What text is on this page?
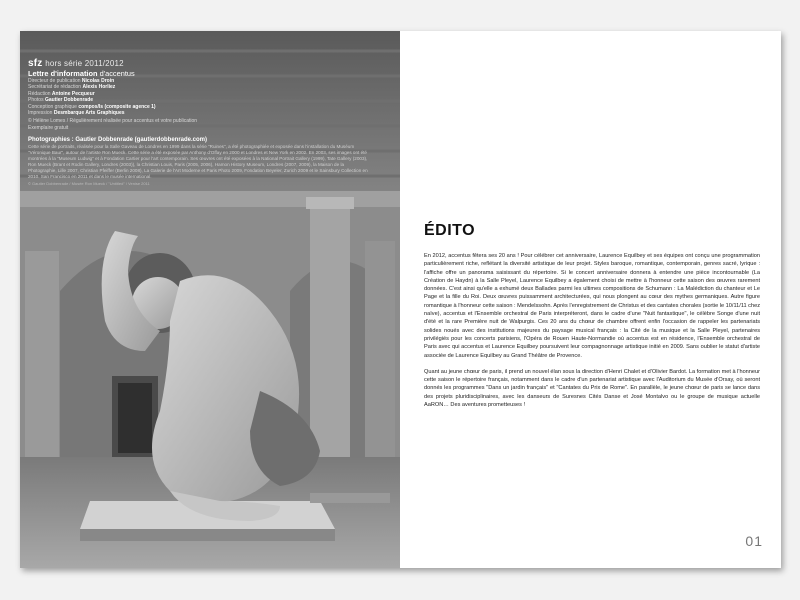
sfz hors série 2011/2012
Lettre d'information d'accentus
Directeur de publication Nicolas Droin
Secrétariat de rédaction Alexis Horliez
Rédaction Antoine Pecqueur
Photos Gautier Dobbenrade
Conception graphique compos/ls (composite agence 1)
Impression Desmbarque Arts Graphiques
© Hélène Lomes / Régulièrement réalisée pour accentus et votre publication
Exemplaire gratuit
Photographies : Gautier Dobbenrade (gautierdobbenrade.com)
Cette série de portraits, réalisée pour la Salle Gaveau de Londres en 1999 dans la série "Ruines", a été photographiée et exposée dans l'installation du Muséum "Véronique Baur", autour de l'artiste Ron Mueck. Cette série a été exposée par Anthony d'Offay en 2000 et Londres et New York en 2002. En 2003, ses images ont été montrées à la "Museum Ludwig" et à Fondation Cartier pour l'art contemporain. Ses œuvres ont été exposées à la National Portrait Gallery (1999), Tate Gallery (2003), Ron Mueck (Brant et Rodin Gallery, Londres (2003)), la Christian Louis, Paris (2005, 2006), Hamon History Museum, Londres (2007, 2009), la Maison de la Photographie, Lille 2007, Christian Pfeiffer (Berlin 2008), La Galerie de l'Art Moderne et Paris Photo 2009, Fondation Beyeler, Zurich 2009 et le Sainsbury Collection en 2010. San Francisco en 2011 et dans le musée international.
© Gautier Dobbenrade / Musée Ron Mueck / "Untitled" / Venise 2011
ÉDITO

En 2012, accentus fêtera ses 20 ans ! Pour célébrer cet anniversaire, Laurence Equilbey et ses équipes ont conçu une programmation particulièrement riche, reflétant la diversité artistique de leur projet. Styles baroque, romantique, contemporain, genres sacré, lyrique : l'affiche offre un panorama saisissant du répertoire. Si le concert anniversaire donnera à entendre une pièce incontournable (La Création de Haydn) à la Salle Pleyel, Laurence Equilbey a également choisi de mettre à l'honneur cette saison des œuvres rarement données. C'est ainsi qu'elle a exhumé deux Ballades parmi les ultimes compositions de Schumann : La Malédiction du chanteur et Le Page et la fille du Roi. Deux œuvres puissamment architecturées, qui nous plongent au cœur des mythes germaniques. Autre figure romantique à l'honneur cette saison : Mendelssohn. Après l'enregistrement de Christus et des cantates chorales (sortie le 10/11/11 chez naïve), accentus et l'Ensemble orchestral de Paris interpréteront, dans le cadre d'une "Nuit fantastique", le célèbre Songe d'une nuit d'été et la rare Première nuit de Walpurgis. Ces 20 ans du chœur de chambre offrent enfin l'occasion de rappeler les partenariats solides noués avec des institutions majeures du paysage musical français : la Cité de la musique et la Salle Pleyel, partenaires privilégiés pour les concerts parisiens, l'Opéra de Rouen Haute-Normandie où accentus est en résidence, l'Ensemble orchestral de Paris avec qui accentus et Laurence Equilbey poursuivent leur compagnonnage artistique initié en 2009. Sans oublier le statut d'artiste associée de Laurence Equilbey au Grand Théâtre de Provence.

Quant au jeune chœur de paris, il prend un nouvel élan sous la direction d'Henri Chalet et d'Olivier Bardot. La formation met à l'honneur cette saison le répertoire français, notamment dans le cadre d'un partenariat artistique avec l'Auditorium du Musée d'Orsay, où seront donnés les programmes "Dans un jardin français" et "Cantates du Prix de Rome". En parallèle, le jeune chœur de paris se lance dans des projets pluridisciplinaires, avec les danseurs de Suresnes Cités Danse et José Montalvo ou le groupe de musique actuelle AaRON… Des aventures prometteuses !

01
